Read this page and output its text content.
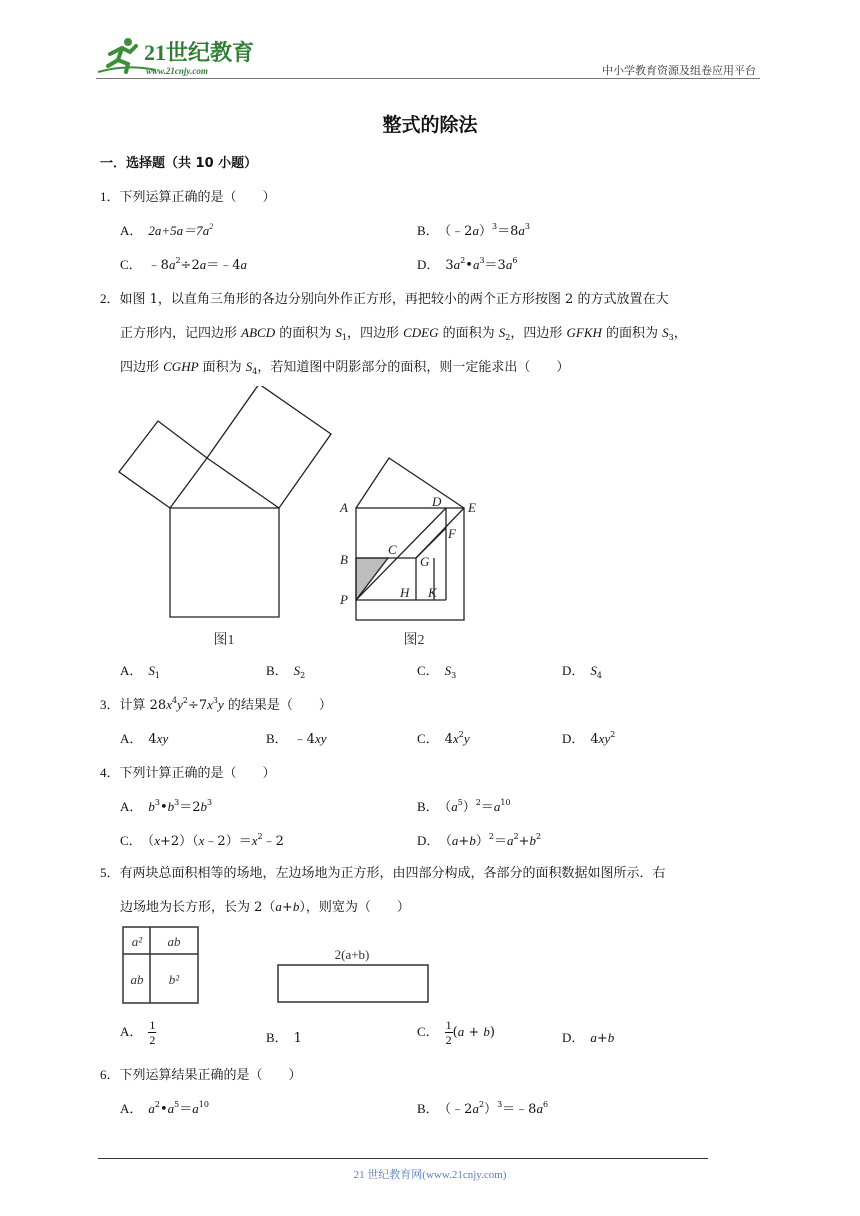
21世纪教育
www.21cnjy.com	中小学教育资源及组卷应用平台
整式的除法
一．选择题（共 10 小题）
1．下列运算正确的是（　　）
A． $2a+5a=7a^2$	B． $(﹣2a)^3=8a^3$
C． $﹣8a^2\div 2a=﹣4a$	D． $3a^2•a^3=3a^6$
2．如图 1，以直角三角形的各边分别向外作正方形，再把较小的两个正方形按图 2 的方式放置在大
正方形内，记四边形 ABCD 的面积为 $S_1$，四边形 CDEG 的面积为 $S_2$，四边形 GFKH 的面积为 $S_3$，
四边形 CGHP 面积为 $S_4$，若知道图中阴影部分的面积，则一定能求出（　　）
图1
A	D E
F
C
B	G
H K
P
图2
A． $S_1$	B． $S_2$	C． $S_3$	D． $S_4$
3．计算 $28x^4y^2\div 7x^3y$ 的结果是（　　）
A． 4xy	B． ﹣4xy	C． $4x^2y$	D． $4xy^2$
4．下列计算正确的是（　　）
A． $b^3•b^3=2b^3$	B． $(a^5)^2=a^{10}$
C． $(x+2)(x﹣2)=x^2﹣2$	D． $(a+b)^2=a^2+b^2$
5．有两块总面积相等的场地，左边场地为正方形，由四部分构成，各部分的面积数据如图所示．右
边场地为长方形，长为 2（a+b），则宽为（　　）
a² ab
ab b²
2(a+b)
A． $\frac{1}{2}$	B． 1	C． $\frac{1}{2} (a + b)$	D． a+b
6．下列运算结果正确的是（　　）
A． $a^2•a^5=a^{10}$	B． $(﹣2a^2)^3=﹣8a^6$
21 世纪教育网(www.21cnjy.com)
